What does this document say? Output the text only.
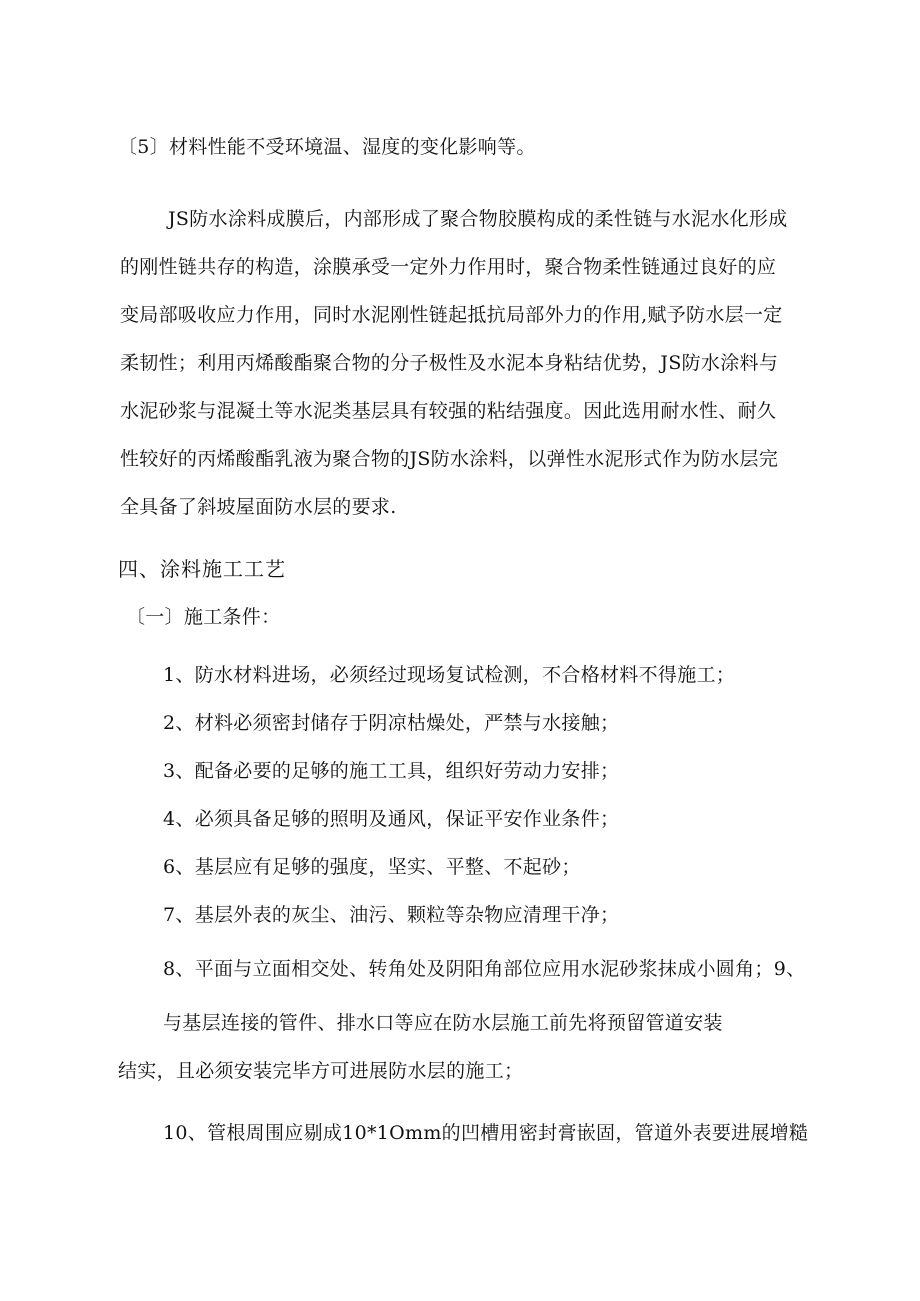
〔5〕材料性能不受环境温、湿度的变化影响等。
JS防水涂料成膜后，内部形成了聚合物胶膜构成的柔性链与水泥水化形成
的刚性链共存的构造，涂膜承受一定外力作用时，聚合物柔性链通过良好的应
变局部吸收应力作用，同时水泥刚性链起抵抗局部外力的作用,赋予防水层一定
柔韧性；利用丙烯酸酯聚合物的分子极性及水泥本身粘结优势，JS防水涂料与
水泥砂浆与混凝土等水泥类基层具有较强的粘结强度。因此选用耐水性、耐久
性较好的丙烯酸酯乳液为聚合物的JS防水涂料，以弹性水泥形式作为防水层完
全具备了斜坡屋面防水层的要求.
四、涂料施工工艺
〔一〕施工条件：
1、防水材料进场，必须经过现场复试检测，不合格材料不得施工；
2、材料必须密封储存于阴凉枯燥处，严禁与水接触；
3、配备必要的足够的施工工具，组织好劳动力安排；
4、必须具备足够的照明及通风，保证平安作业条件；
6、基层应有足够的强度，坚实、平整、不起砂；
7、基层外表的灰尘、油污、颗粒等杂物应清理干净；
8、平面与立面相交处、转角处及阴阳角部位应用水泥砂浆抹成小圆角；9、
与基层连接的管件、排水口等应在防水层施工前先将预留管道安装
结实，且必须安装完毕方可进展防水层的施工；
10、管根周围应剔成10*1Omm的凹槽用密封膏嵌固，管道外表要进展增糙
